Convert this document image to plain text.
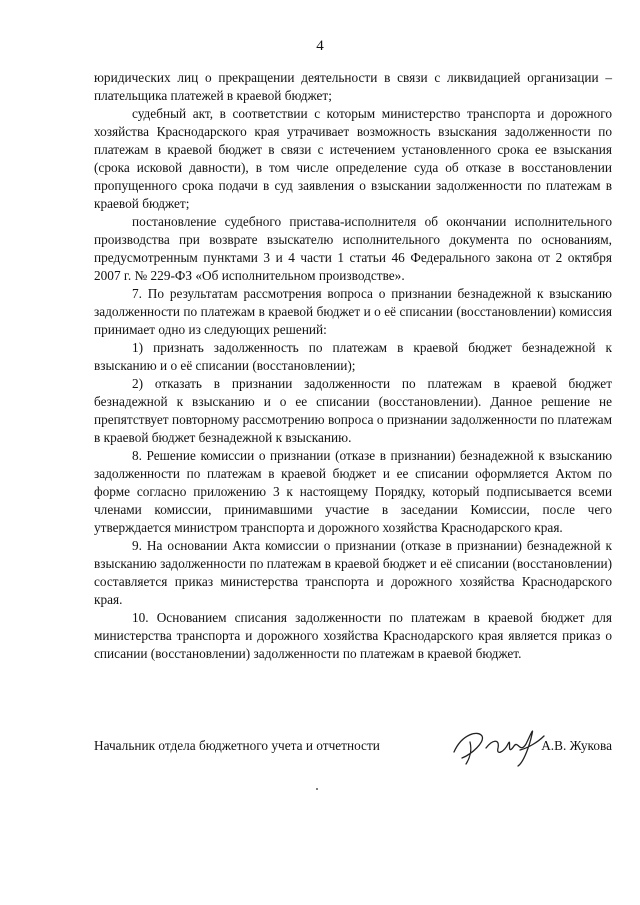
4

юридических лиц о прекращении деятельности в связи с ликвидацией организации – плательщика платежей в краевой бюджет;

судебный акт, в соответствии с которым министерство транспорта и дорожного хозяйства Краснодарского края утрачивает возможность взыскания задолженности по платежам в краевой бюджет в связи с истечением установленного срока ее взыскания (срока исковой давности), в том числе определение суда об отказе в восстановлении пропущенного срока подачи в суд заявления о взыскании задолженности по платежам в краевой бюджет;

постановление судебного пристава-исполнителя об окончании исполнительного производства при возврате взыскателю исполнительного документа по основаниям, предусмотренным пунктами 3 и 4 части 1 статьи 46 Федерального закона от 2 октября 2007 г. № 229-ФЗ «Об исполнительном производстве».

7. По результатам рассмотрения вопроса о признании безнадежной к взысканию задолженности по платежам в краевой бюджет и о её списании (восстановлении) комиссия принимает одно из следующих решений:

1) признать задолженность по платежам в краевой бюджет безнадежной к взысканию и о её списании (восстановлении);

2) отказать в признании задолженности по платежам в краевой бюджет безнадежной к взысканию и о ее списании (восстановлении). Данное решение не препятствует повторному рассмотрению вопроса о признании задолженности по платежам в краевой бюджет безнадежной к взысканию.

8. Решение комиссии о признании (отказе в признании) безнадежной к взысканию задолженности по платежам в краевой бюджет и ее списании оформляется Актом по форме согласно приложению 3 к настоящему Порядку, который подписывается всеми членами комиссии, принимавшими участие в заседании Комиссии, после чего утверждается министром транспорта и дорожного хозяйства Краснодарского края.

9. На основании Акта комиссии о признании (отказе в признании) безнадежной к взысканию задолженности по платежам в краевой бюджет и её списании (восстановлении) составляется приказ министерства транспорта и дорожного хозяйства Краснодарского края.

10. Основанием списания задолженности по платежам в краевой бюджет для министерства транспорта и дорожного хозяйства Краснодарского края является приказ о списании (восстановлении) задолженности по платежам в краевой бюджет.

Начальник отдела бюджетного учета и отчетности	А.В. Жукова
